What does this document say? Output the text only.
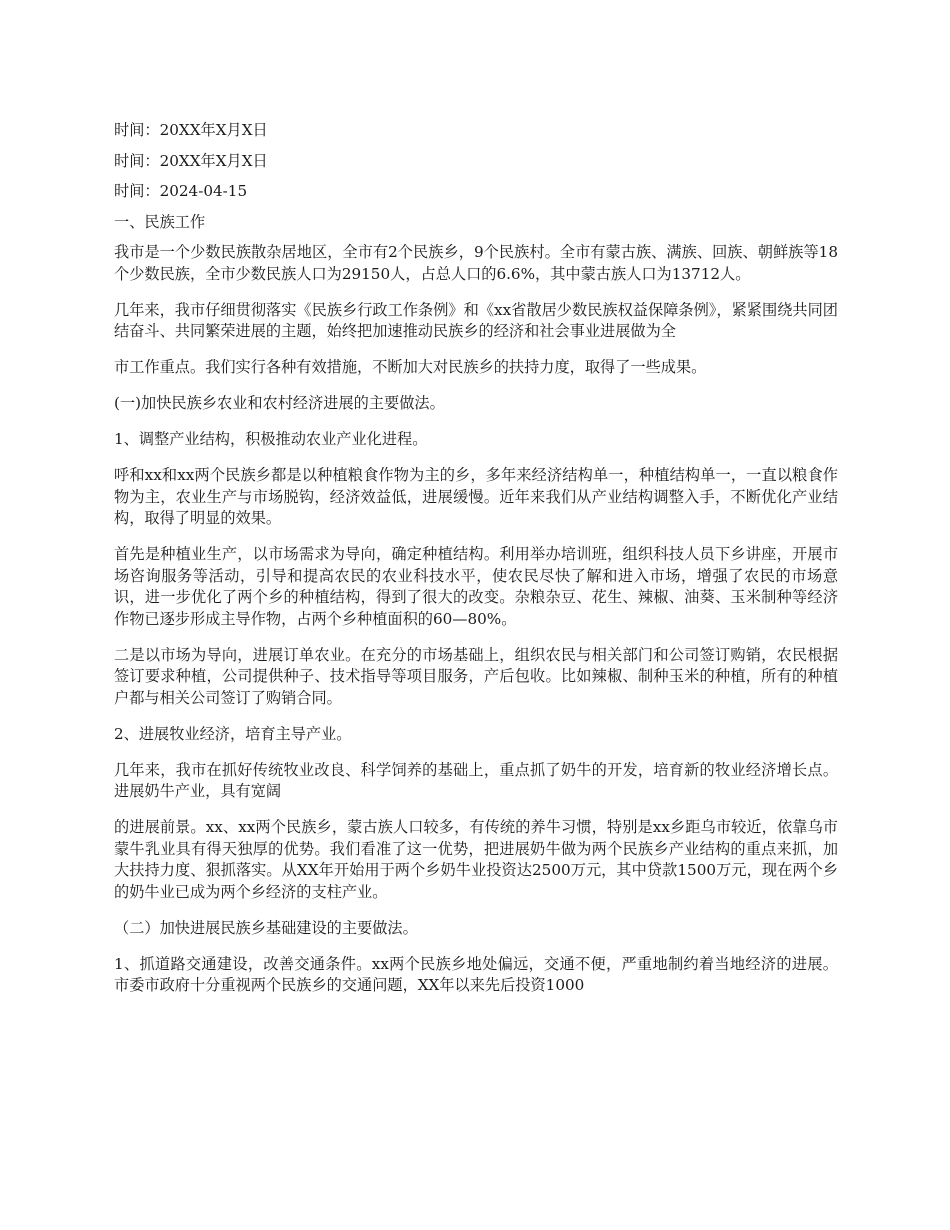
时间：20XX年X月X日

时间：20XX年X月X日

时间：2024-04-15

一、民族工作

我市是一个少数民族散杂居地区，全市有2个民族乡，9个民族村。全市有蒙古族、满族、回族、朝鲜族等18个少数民族，全市少数民族人口为29150人，占总人口的6.6%，其中蒙古族人口为13712人。

几年来，我市仔细贯彻落实《民族乡行政工作条例》和《xx省散居少数民族权益保障条例》，紧紧围绕共同团结奋斗、共同繁荣进展的主题，始终把加速推动民族乡的经济和社会事业进展做为全

市工作重点。我们实行各种有效措施，不断加大对民族乡的扶持力度，取得了一些成果。

(一)加快民族乡农业和农村经济进展的主要做法。

1、调整产业结构，积极推动农业产业化进程。

呼和xx和xx两个民族乡都是以种植粮食作物为主的乡，多年来经济结构单一，种植结构单一，一直以粮食作物为主，农业生产与市场脱钩，经济效益低，进展缓慢。近年来我们从产业结构调整入手，不断优化产业结构，取得了明显的效果。

首先是种植业生产，以市场需求为导向，确定种植结构。利用举办培训班，组织科技人员下乡讲座，开展市场咨询服务等活动，引导和提高农民的农业科技水平，使农民尽快了解和进入市场，增强了农民的市场意识，进一步优化了两个乡的种植结构，得到了很大的改变。杂粮杂豆、花生、辣椒、油葵、玉米制种等经济作物已逐步形成主导作物，占两个乡种植面积的60—80%。

二是以市场为导向，进展订单农业。在充分的市场基础上，组织农民与相关部门和公司签订购销，农民根据签订要求种植，公司提供种子、技术指导等项目服务，产后包收。比如辣椒、制种玉米的种植，所有的种植户都与相关公司签订了购销合同。

2、进展牧业经济，培育主导产业。

几年来，我市在抓好传统牧业改良、科学饲养的基础上，重点抓了奶牛的开发，培育新的牧业经济增长点。进展奶牛产业，具有宽阔

的进展前景。xx、xx两个民族乡，蒙古族人口较多，有传统的养牛习惯，特别是xx乡距乌市较近，依靠乌市蒙牛乳业具有得天独厚的优势。我们看准了这一优势，把进展奶牛做为两个民族乡产业结构的重点来抓，加大扶持力度、狠抓落实。从XX年开始用于两个乡奶牛业投资达2500万元，其中贷款1500万元，现在两个乡的奶牛业已成为两个乡经济的支柱产业。

（二）加快进展民族乡基础建设的主要做法。

1、抓道路交通建设，改善交通条件。xx两个民族乡地处偏远，交通不便，严重地制约着当地经济的进展。市委市政府十分重视两个民族乡的交通问题，XX年以来先后投资1000
